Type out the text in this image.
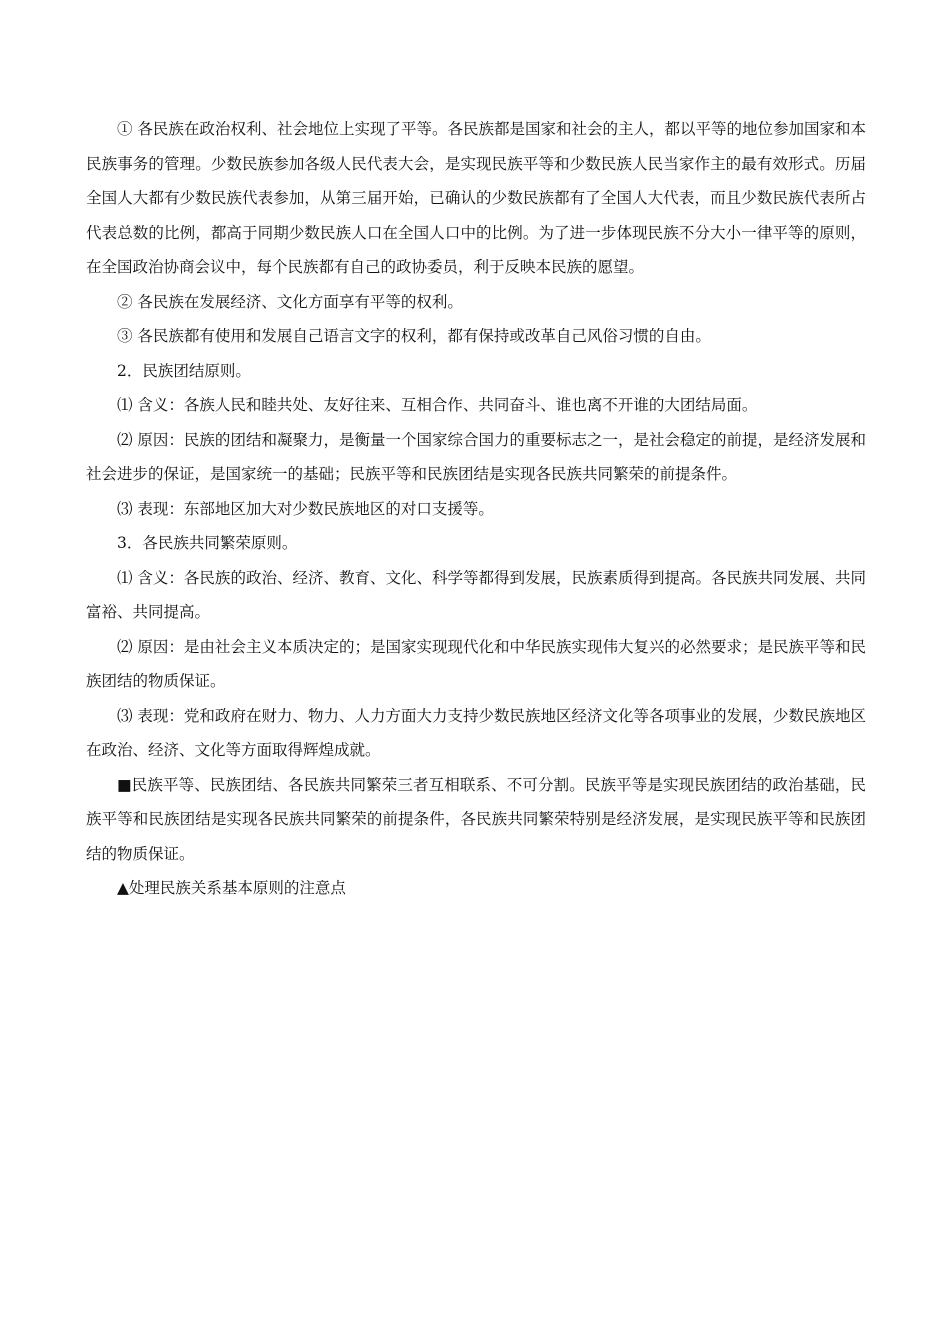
① 各民族在政治权利、社会地位上实现了平等。各民族都是国家和社会的主人，都以平等的地位参加国家和本民族事务的管理。少数民族参加各级人民代表大会，是实现民族平等和少数民族人民当家作主的最有效形式。历届全国人大都有少数民族代表参加，从第三届开始，已确认的少数民族都有了全国人大代表，而且少数民族代表所占代表总数的比例，都高于同期少数民族人口在全国人口中的比例。为了进一步体现民族不分大小一律平等的原则，在全国政治协商会议中，每个民族都有自己的政协委员，利于反映本民族的愿望。

② 各民族在发展经济、文化方面享有平等的权利。

③ 各民族都有使用和发展自己语言文字的权利，都有保持或改革自己风俗习惯的自由。

2．民族团结原则。

⑴ 含义：各族人民和睦共处、友好往来、互相合作、共同奋斗、谁也离不开谁的大团结局面。

⑵ 原因：民族的团结和凝聚力，是衡量一个国家综合国力的重要标志之一，是社会稳定的前提，是经济发展和社会进步的保证，是国家统一的基础；民族平等和民族团结是实现各民族共同繁荣的前提条件。

⑶ 表现：东部地区加大对少数民族地区的对口支援等。

3．各民族共同繁荣原则。

⑴ 含义：各民族的政治、经济、教育、文化、科学等都得到发展，民族素质得到提高。各民族共同发展、共同富裕、共同提高。

⑵ 原因：是由社会主义本质决定的；是国家实现现代化和中华民族实现伟大复兴的必然要求；是民族平等和民族团结的物质保证。

⑶ 表现：党和政府在财力、物力、人力方面大力支持少数民族地区经济文化等各项事业的发展，少数民族地区在政治、经济、文化等方面取得辉煌成就。

■民族平等、民族团结、各民族共同繁荣三者互相联系、不可分割。民族平等是实现民族团结的政治基础，民族平等和民族团结是实现各民族共同繁荣的前提条件，各民族共同繁荣特别是经济发展，是实现民族平等和民族团结的物质保证。

▲处理民族关系基本原则的注意点
